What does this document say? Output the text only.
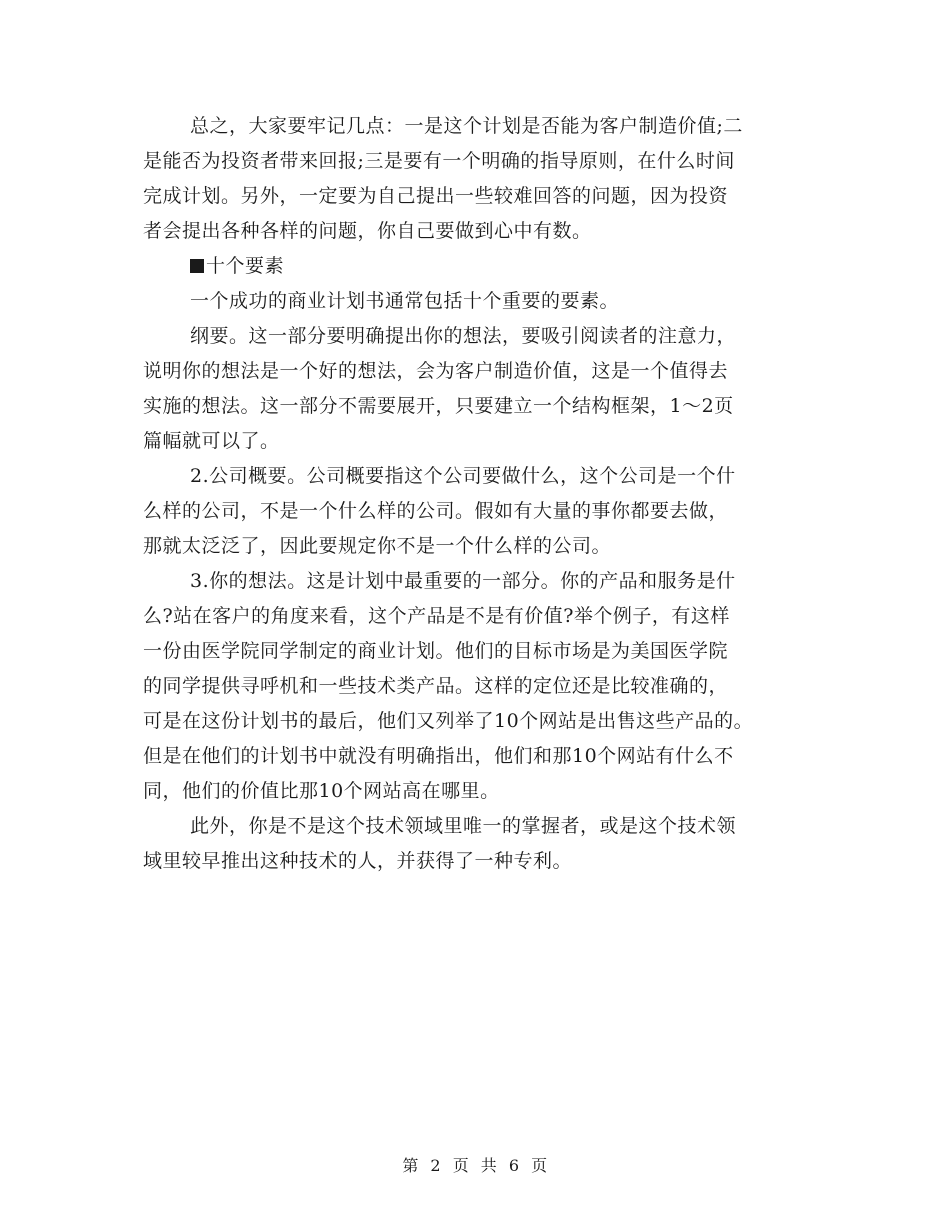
总之，大家要牢记几点：一是这个计划是否能为客户制造价值;二
是能否为投资者带来回报;三是要有一个明确的指导原则，在什么时间
完成计划。另外，一定要为自己提出一些较难回答的问题，因为投资
者会提出各种各样的问题，你自己要做到心中有数。
十个要素
一个成功的商业计划书通常包括十个重要的要素。
纲要。这一部分要明确提出你的想法，要吸引阅读者的注意力，
说明你的想法是一个好的想法，会为客户制造价值，这是一个值得去
实施的想法。这一部分不需要展开，只要建立一个结构框架，1～2页
篇幅就可以了。
2.公司概要。公司概要指这个公司要做什么，这个公司是一个什
么样的公司，不是一个什么样的公司。假如有大量的事你都要去做，
那就太泛泛了，因此要规定你不是一个什么样的公司。
3.你的想法。这是计划中最重要的一部分。你的产品和服务是什
么?站在客户的角度来看，这个产品是不是有价值?举个例子，有这样
一份由医学院同学制定的商业计划。他们的目标市场是为美国医学院
的同学提供寻呼机和一些技术类产品。这样的定位还是比较准确的，
可是在这份计划书的最后，他们又列举了10个网站是出售这些产品的。
但是在他们的计划书中就没有明确指出，他们和那10个网站有什么不
同，他们的价值比那10个网站高在哪里。
此外，你是不是这个技术领域里唯一的掌握者，或是这个技术领
域里较早推出这种技术的人，并获得了一种专利。
第 2 页 共 6 页
